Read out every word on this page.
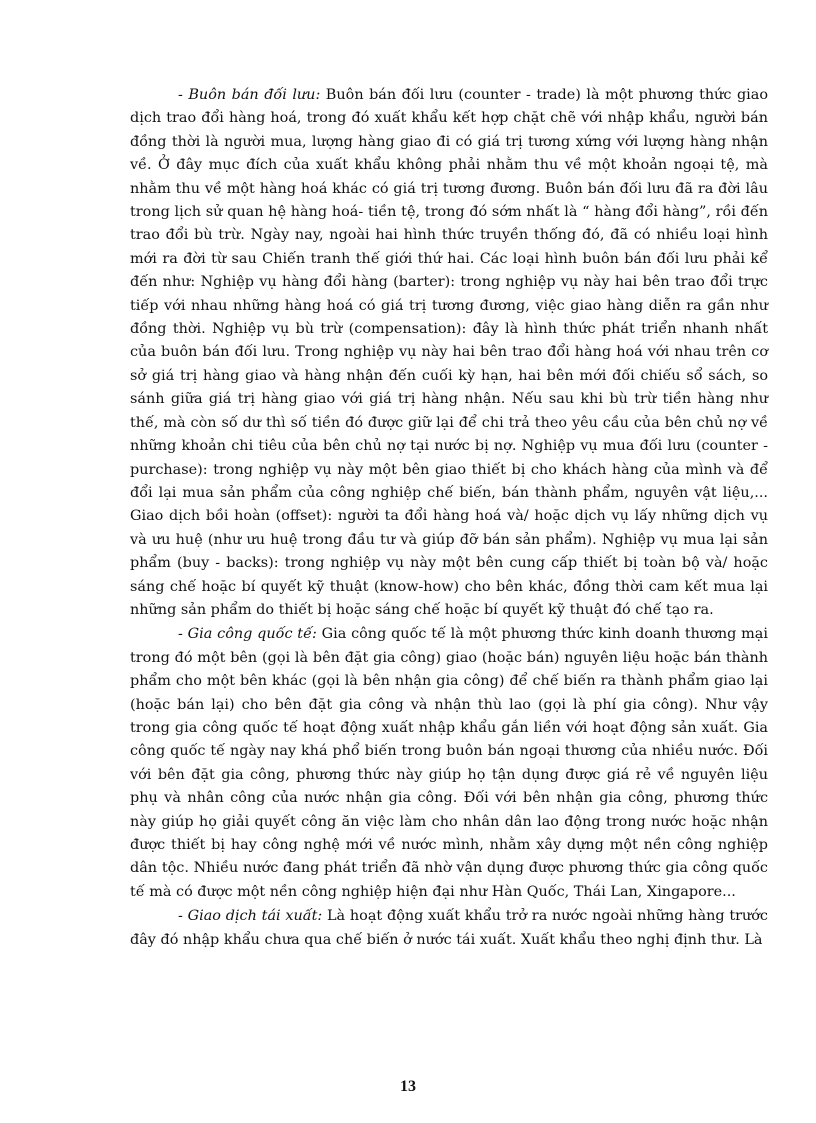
- Buôn bán đối lưu: Buôn bán đối lưu (counter - trade) là một phương thức giao dịch trao đổi hàng hoá, trong đó xuất khẩu kết hợp chặt chẽ với nhập khẩu, người bán đồng thời là người mua, lượng hàng giao đi có giá trị tương xứng với lượng hàng nhận về. Ở đây mục đích của xuất khẩu không phải nhằm thu về một khoản ngoại tệ, mà nhằm thu về một hàng hoá khác có giá trị tương đương. Buôn bán đối lưu đã ra đời lâu trong lịch sử quan hệ hàng hoá- tiền tệ, trong đó sớm nhất là “ hàng đổi hàng”, rồi đến trao đổi bù trừ. Ngày nay, ngoài hai hình thức truyền thống đó, đã có nhiều loại hình mới ra đời từ sau Chiến tranh thế giới thứ hai. Các loại hình buôn bán đối lưu phải kể đến như: Nghiệp vụ hàng đổi hàng (barter): trong nghiệp vụ này hai bên trao đổi trực tiếp với nhau những hàng hoá có giá trị tương đương, việc giao hàng diễn ra gần như đồng thời. Nghiệp vụ bù trừ (compensation): đây là hình thức phát triển nhanh nhất của buôn bán đối lưu. Trong nghiệp vụ này hai bên trao đổi hàng hoá với nhau trên cơ sở giá trị hàng giao và hàng nhận đến cuối kỳ hạn, hai bên mới đối chiếu sổ sách, so sánh giữa giá trị hàng giao với giá trị hàng nhận. Nếu sau khi bù trừ tiền hàng như thế, mà còn số dư thì số tiền đó được giữ lại để chi trả theo yêu cầu của bên chủ nợ về những khoản chi tiêu của bên chủ nợ tại nước bị nợ. Nghiệp vụ mua đối lưu (counter - purchase): trong nghiệp vụ này một bên giao thiết bị cho khách hàng của mình và để đổi lại mua sản phẩm của công nghiệp chế biến, bán thành phẩm, nguyên vật liệu,... Giao dịch bồi hoàn (offset): người ta đổi hàng hoá và/ hoặc dịch vụ lấy những dịch vụ và ưu huệ (như ưu huệ trong đầu tư và giúp đỡ bán sản phẩm). Nghiệp vụ mua lại sản phẩm (buy - backs): trong nghiệp vụ này một bên cung cấp thiết bị toàn bộ và/ hoặc sáng chế hoặc bí quyết kỹ thuật (know-how) cho bên khác, đồng thời cam kết mua lại những sản phẩm do thiết bị hoặc sáng chế hoặc bí quyết kỹ thuật đó chế tạo ra.

- Gia công quốc tế: Gia công quốc tế là một phương thức kinh doanh thương mại trong đó một bên (gọi là bên đặt gia công) giao (hoặc bán) nguyên liệu hoặc bán thành phẩm cho một bên khác (gọi là bên nhận gia công) để chế biến ra thành phẩm giao lại (hoặc bán lại) cho bên đặt gia công và nhận thù lao (gọi là phí gia công). Như vậy trong gia công quốc tế hoạt động xuất nhập khẩu gắn liền với hoạt động sản xuất. Gia công quốc tế ngày nay khá phổ biến trong buôn bán ngoại thương của nhiều nước. Đối với bên đặt gia công, phương thức này giúp họ tận dụng được giá rẻ về nguyên liệu phụ và nhân công của nước nhận gia công. Đối với bên nhận gia công, phương thức này giúp họ giải quyết công ăn việc làm cho nhân dân lao động trong nước hoặc nhận được thiết bị hay công nghệ mới về nước mình, nhằm xây dựng một nền công nghiệp dân tộc. Nhiều nước đang phát triển đã nhờ vận dụng được phương thức gia công quốc tế mà có được một nền công nghiệp hiện đại như Hàn Quốc, Thái Lan, Xingapore...

- Giao dịch tái xuất: Là hoạt động xuất khẩu trở ra nước ngoài những hàng trước đây đó nhập khẩu chưa qua chế biến ở nước tái xuất. Xuất khẩu theo nghị định thư. Là

13
